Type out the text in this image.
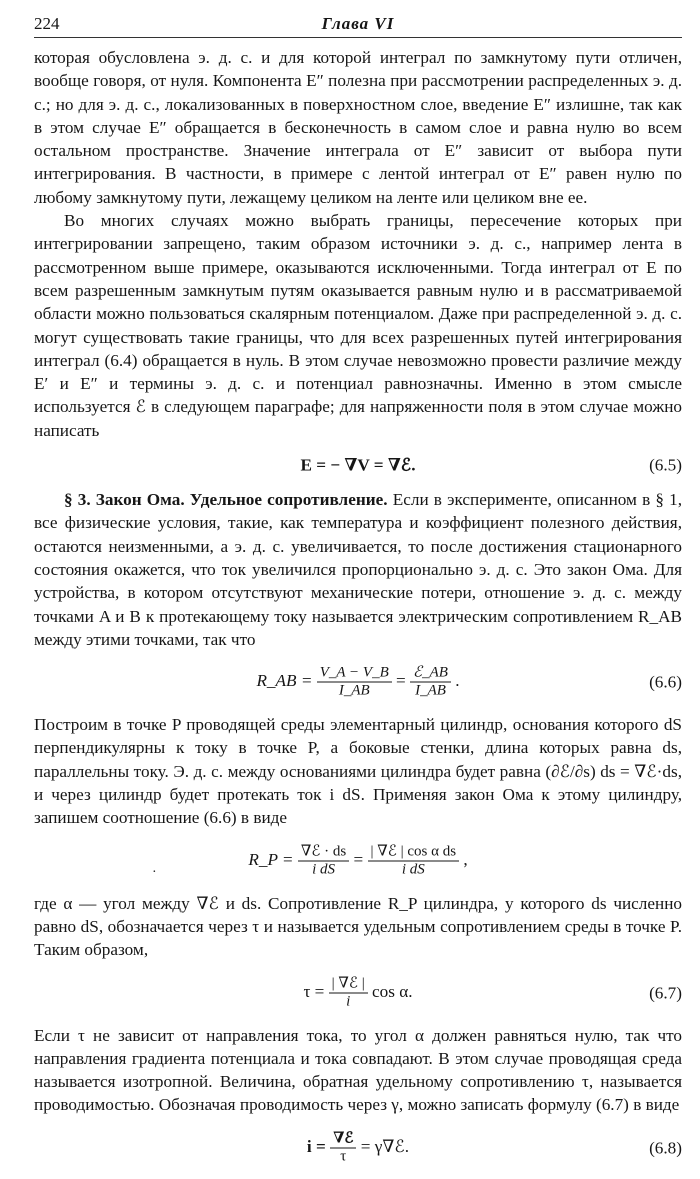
224	Глава VI

которая обусловлена э. д. с. и для которой интеграл по замкнутому пути отличен, вообще говоря, от нуля. Компонента E″ полезна при рассмотрении распределенных э. д. с.; но для э. д. с., локализованных в поверхностном слое, введение E″ излишне, так как в этом случае E″ обращается в бесконечность в самом слое и равна нулю во всем остальном пространстве. Значение интеграла от E″ зависит от выбора пути интегрирования. В частности, в примере с лентой интеграл от E″ равен нулю по любому замкнутому пути, лежащему целиком на ленте или целиком вне ее.

Во многих случаях можно выбрать границы, пересечение которых при интегрировании запрещено, таким образом источники э. д. с., например лента в рассмотренном выше примере, оказываются исключенными. Тогда интеграл от E по всем разрешенным замкнутым путям оказывается равным нулю и в рассматриваемой области можно пользоваться скалярным потенциалом. Даже при распределенной э. д. с. могут существовать такие границы, что для всех разрешенных путей интегрирования интеграл (6.4) обращается в нуль. В этом случае невозможно провести различие между E′ и E″ и термины э. д. с. и потенциал равнозначны. Именно в этом смысле используется ℰ в следующем параграфе; для напряженности поля в этом случае можно написать

E = − ∇V = ∇ℰ.	(6.5)

§ 3. Закон Ома. Удельное сопротивление. Если в эксперименте, описанном в § 1, все физические условия, такие, как температура и коэффициент полезного действия, остаются неизменными, а э. д. с. увеличивается, то после достижения стационарного состояния окажется, что ток увеличился пропорционально э. д. с. Это закон Ома. Для устройства, в котором отсутствуют механические потери, отношение э. д. с. между точками A и B к протекающему току называется электрическим сопротивлением R_AB между этими точками, так что

R_AB = $\frac{V\_A - V\_B}{I\_AB} = \frac{\text{ℰ\_AB}}{I\_AB}$ .	(6.6)

Построим в точке P проводящей среды элементарный цилиндр, основания которого dS перпендикулярны к току в точке P, а боковые стенки, длина которых равна ds, параллельны току. Э. д. с. между основаниями цилиндра будет равна (∂ℰ/∂s) ds = ∇ℰ·ds, и через цилиндр будет протекать ток i dS. Применяя закон Ома к этому цилиндру, запишем соотношение (6.6) в виде

·
R_P = $\frac{\text{∇ℰ · ds}}{\text{i dS}} = \frac{\text{| ∇ℰ | cos α ds}}{\text{i dS}}$ ,

где α — угол между ∇ℰ и ds. Сопротивление R_P цилиндра, у которого ds численно равно dS, обозначается через τ и называется удельным сопротивлением среды в точке P. Таким образом,

$\tau = \frac{\text{| ∇ℰ |}}{i}$ cos α.	(6.7)

Если τ не зависит от направления тока, то угол α должен равняться нулю, так что направления градиента потенциала и тока совпадают. В этом случае проводящая среда называется изотропной. Величина, обратная удельному сопротивлению τ, называется проводимостью. Обозначая проводимость через γ, можно записать формулу (6.7) в виде

$i = \frac{\text{∇ℰ}}{\tau}$ = γ∇ℰ.	(6.8)
